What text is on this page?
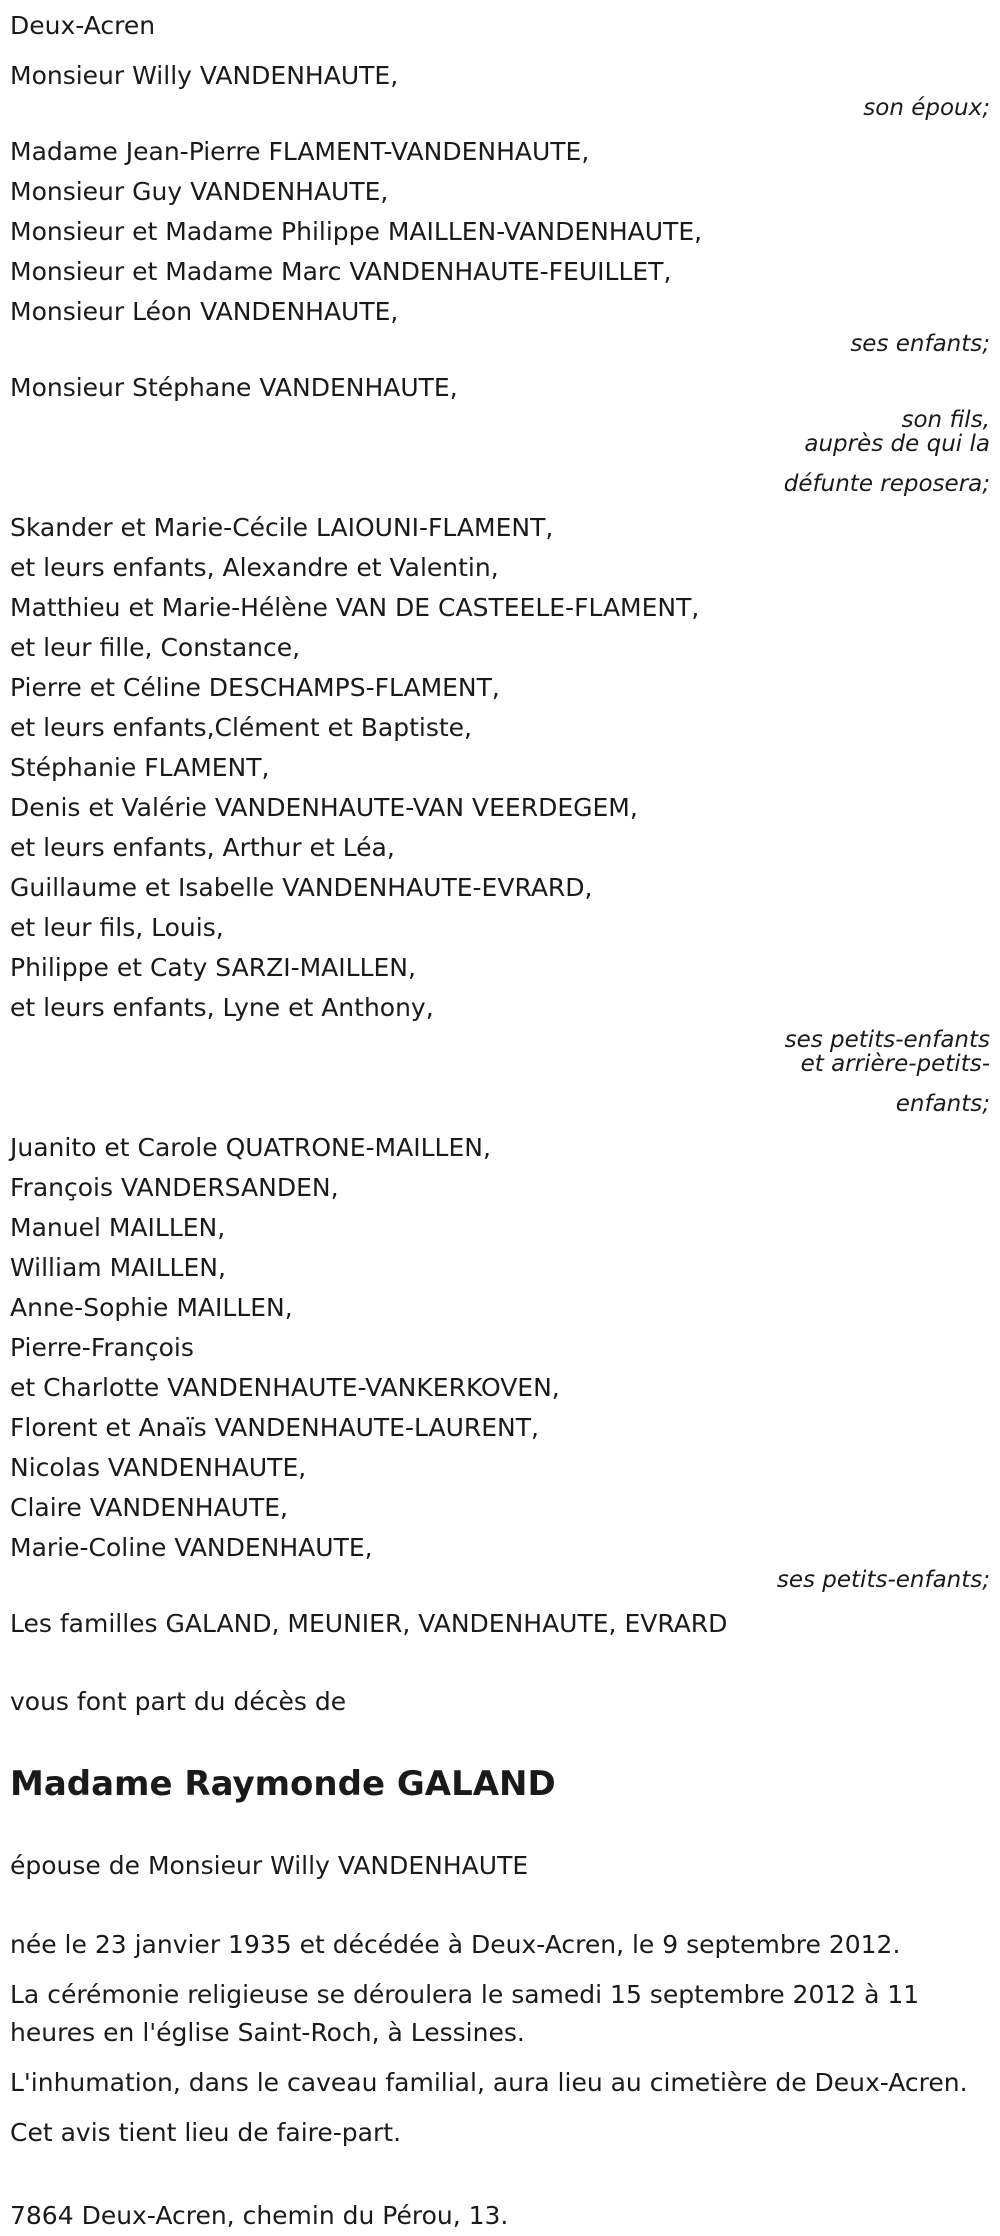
Deux-Acren
Monsieur Willy VANDENHAUTE,
son époux;
Madame Jean-Pierre FLAMENT-VANDENHAUTE,
Monsieur Guy VANDENHAUTE,
Monsieur et Madame Philippe MAILLEN-VANDENHAUTE,
Monsieur et Madame Marc VANDENHAUTE-FEUILLET,
Monsieur Léon VANDENHAUTE,
ses enfants;
Monsieur Stéphane VANDENHAUTE,
son fils,
auprès de qui la
défunte reposera;
Skander et Marie-Cécile LAIOUNI-FLAMENT,
et leurs enfants, Alexandre et Valentin,
Matthieu et Marie-Hélène VAN DE CASTEELE-FLAMENT,
et leur fille, Constance,
Pierre et Céline DESCHAMPS-FLAMENT,
et leurs enfants,Clément et Baptiste,
Stéphanie FLAMENT,
Denis et Valérie VANDENHAUTE-VAN VEERDEGEM,
et leurs enfants, Arthur et Léa,
Guillaume et Isabelle VANDENHAUTE-EVRARD,
et leur fils, Louis,
Philippe et Caty SARZI-MAILLEN,
et leurs enfants, Lyne et Anthony,
ses petits-enfants
et arrière-petits-
enfants;
Juanito et Carole QUATRONE-MAILLEN,
François VANDERSANDEN,
Manuel MAILLEN,
William MAILLEN,
Anne-Sophie MAILLEN,
Pierre-François
et Charlotte VANDENHAUTE-VANKERKOVEN,
Florent et Anaïs VANDENHAUTE-LAURENT,
Nicolas VANDENHAUTE,
Claire VANDENHAUTE,
Marie-Coline VANDENHAUTE,
ses petits-enfants;
Les familles GALAND, MEUNIER, VANDENHAUTE, EVRARD
vous font part du décès de
Madame Raymonde GALAND
épouse de Monsieur Willy VANDENHAUTE
née le 23 janvier 1935 et décédée à Deux-Acren, le 9 septembre 2012.
La cérémonie religieuse se déroulera le samedi 15 septembre 2012 à 11 heures en l'église Saint-Roch, à Lessines.
L'inhumation, dans le caveau familial, aura lieu au cimetière de Deux-Acren.
Cet avis tient lieu de faire-part.
7864 Deux-Acren, chemin du Pérou, 13.
